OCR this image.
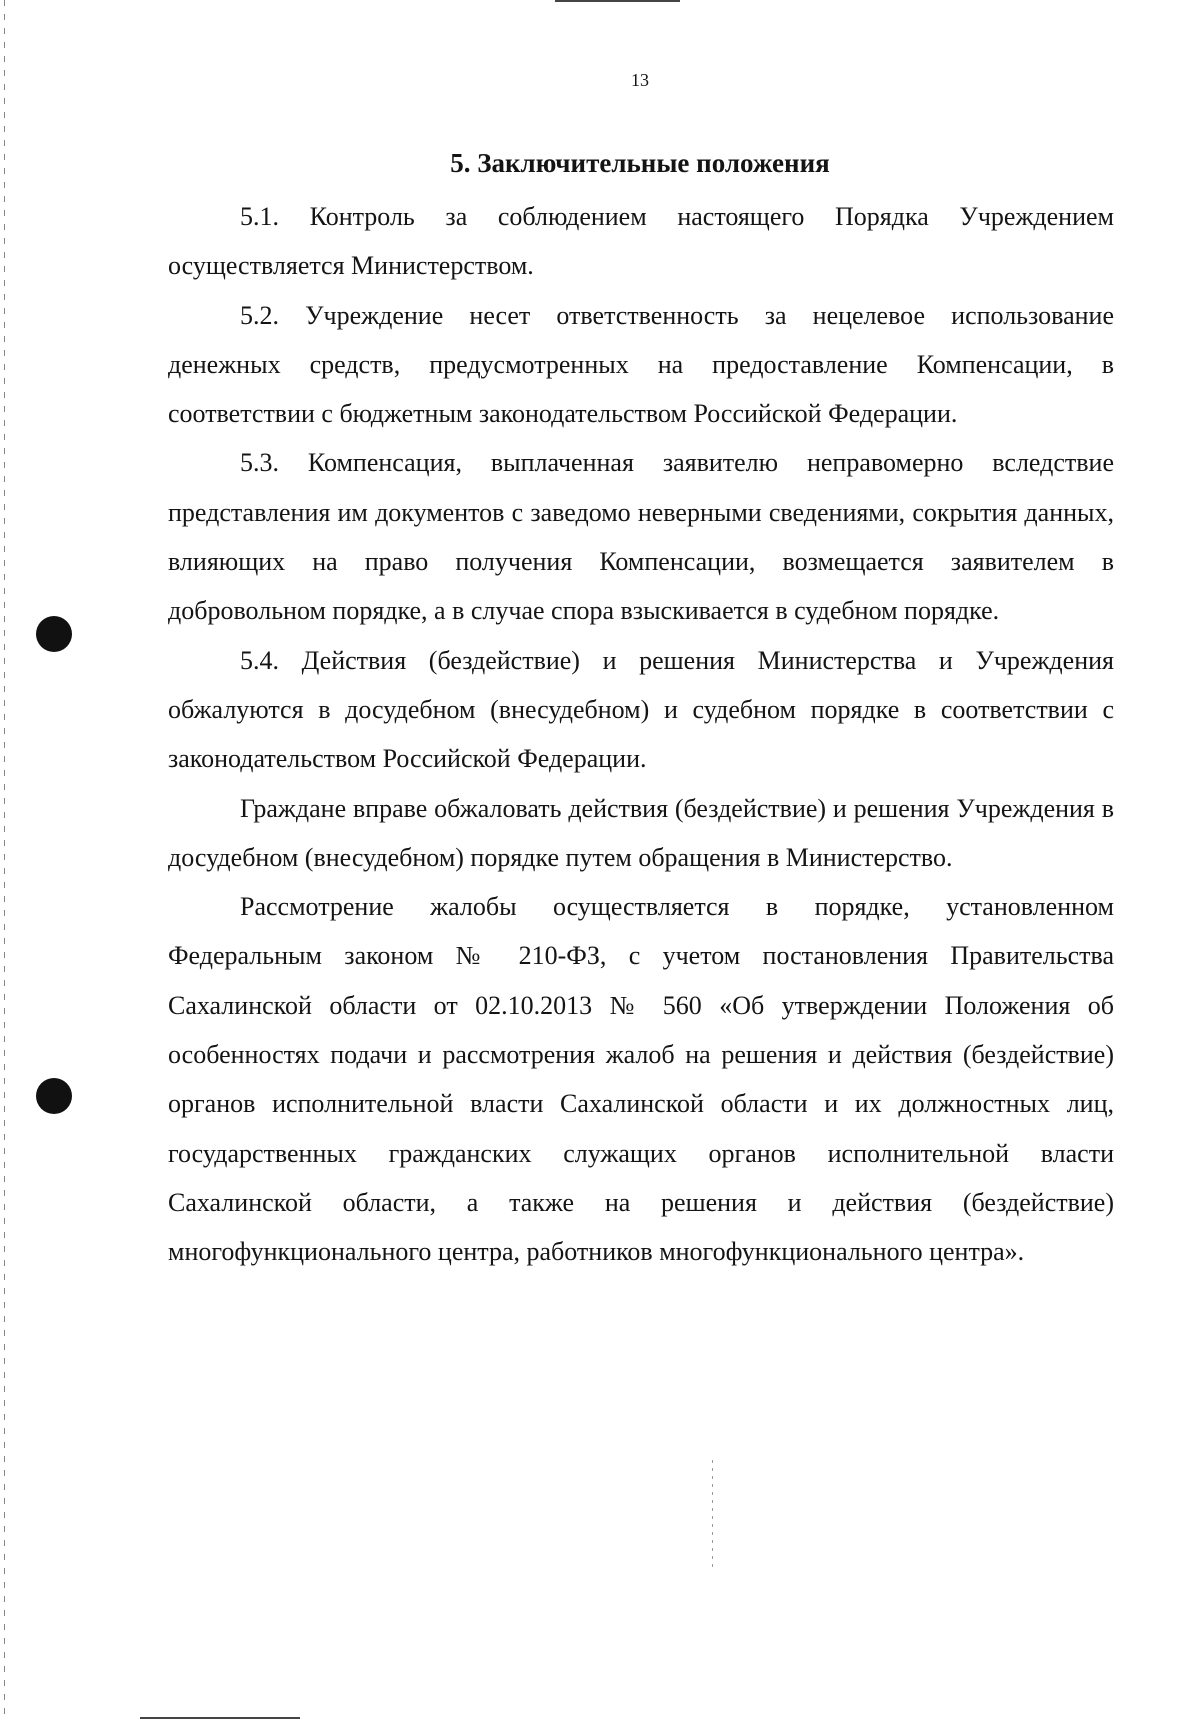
13
5. Заключительные положения

5.1. Контроль за соблюдением настоящего Порядка Учреждением осуществляется Министерством.

5.2. Учреждение несет ответственность за нецелевое использование денежных средств, предусмотренных на предоставление Компенсации, в соответствии с бюджетным законодательством Российской Федерации.

5.3. Компенсация, выплаченная заявителю неправомерно вследствие представления им документов с заведомо неверными сведениями, сокрытия данных, влияющих на право получения Компенсации, возмещается заявителем в добровольном порядке, а в случае спора взыскивается в судебном порядке.

5.4. Действия (бездействие) и решения Министерства и Учреждения обжалуются в досудебном (внесудебном) и судебном порядке в соответствии с законодательством Российской Федерации.

Граждане вправе обжаловать действия (бездействие) и решения Учреждения в досудебном (внесудебном) порядке путем обращения в Министерство.

Рассмотрение жалобы осуществляется в порядке, установленном Федеральным законом № 210-ФЗ, с учетом постановления Правительства Сахалинской области от 02.10.2013 № 560 «Об утверждении Положения об особенностях подачи и рассмотрения жалоб на решения и действия (бездействие) органов исполнительной власти Сахалинской области и их должностных лиц, государственных гражданских служащих органов исполнительной власти Сахалинской области, а также на решения и действия (бездействие) многофункционального центра, работников многофункционального центра».
